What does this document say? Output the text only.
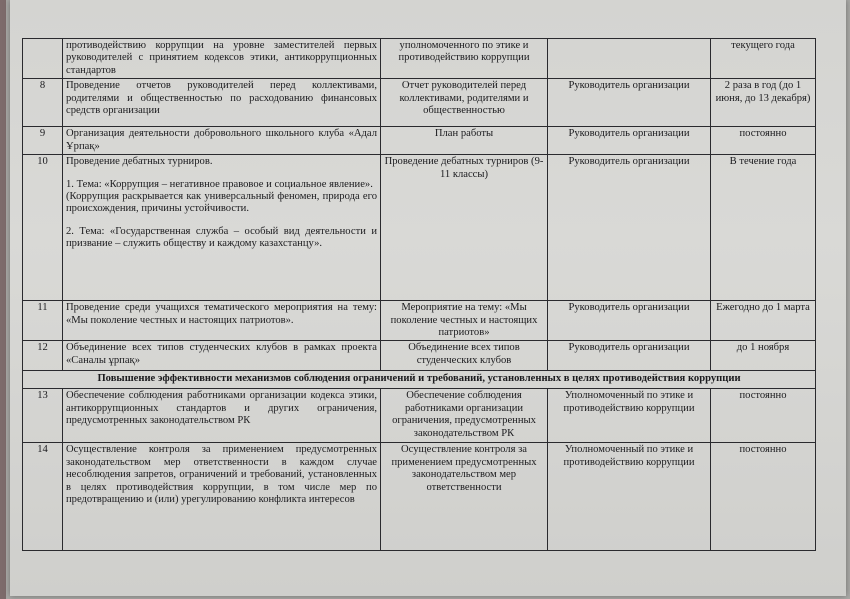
	противодействию коррупции на уровне заместителей первых руководителей с принятием кодексов этики, антикоррупционных стандартов	уполномоченного по этике и противодействию коррупции		текущего года
8	Проведение отчетов руководителей перед коллективами, родителями и общественностью по расходованию финансовых средств организации	Отчет руководителей перед коллективами, родителями и общественностью	Руководитель организации	2 раза в год (до 1 июня, до 13 декабря)
9	Организация деятельности добровольного школьного клуба «Адал Ұрпақ»	План работы	Руководитель организации	постоянно
10	Проведение дебатных турниров.
1. Тема: «Коррупция – негативное правовое и социальное явление».
(Коррупция раскрывается как универсальный феномен, природа его происхождения, причины устойчивости.
2. Тема: «Государственная служба – особый вид деятельности и призвание – служить обществу и каждому казахстанцу».	Проведение дебатных турниров (9-11 классы)	Руководитель организации	В течение года
11	Проведение среди учащихся тематического мероприятия на тему: «Мы поколение честных и настоящих патриотов».	Мероприятие на тему: «Мы поколение честных и настоящих патриотов»	Руководитель организации	Ежегодно до 1 марта
12	Объединение всех типов студенческих клубов в рамках проекта «Саналы ұрпақ»	Объединение всех типов студенческих клубов	Руководитель организации	до 1 ноября
Повышение эффективности механизмов соблюдения ограничений и требований, установленных в целях противодействия коррупции				
13	Обеспечение соблюдения работниками организации кодекса этики, антикоррупционных стандартов и других ограничения, предусмотренных законодательством РК	Обеспечение соблюдения работниками организации ограничения, предусмотренных законодательством РК	Уполномоченный по этике и противодействию коррупции	постоянно
14	Осуществление контроля за применением предусмотренных законодательством мер ответственности в каждом случае несоблюдения запретов, ограничений и требований, установленных в целях противодействия коррупции, в том числе мер по предотвращению и (или) урегулированию конфликта интересов	Осуществление контроля за применением предусмотренных законодательством мер ответственности	Уполномоченный по этике и противодействию коррупции	постоянно
